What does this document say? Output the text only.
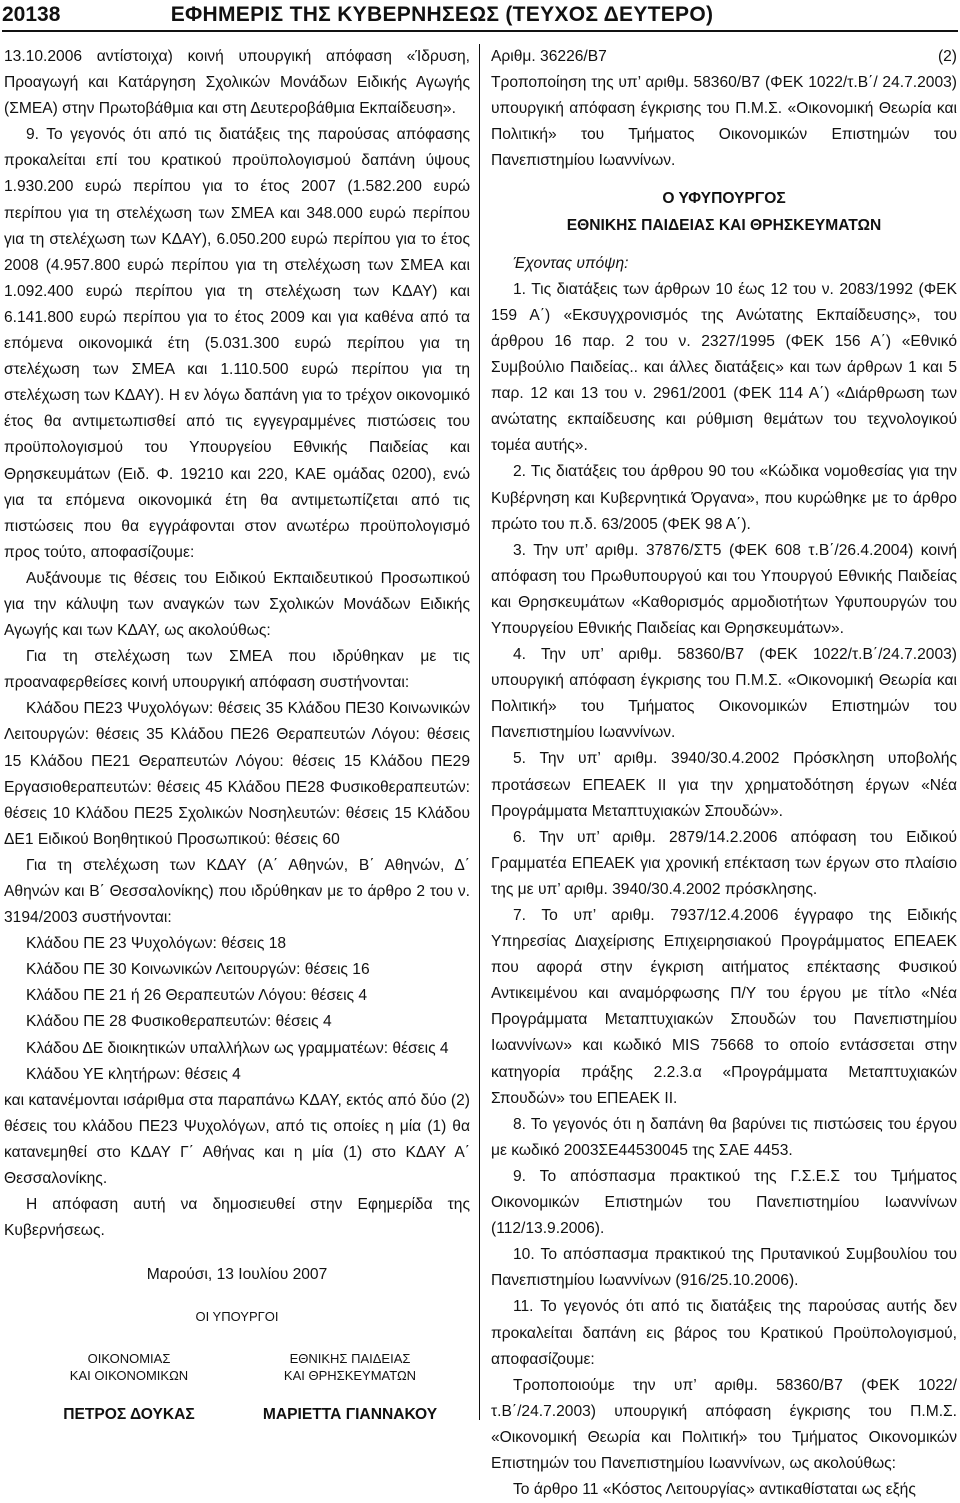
20138	ΕΦΗΜΕΡΙΣ ΤΗΣ ΚΥΒΕΡΝΗΣΕΩΣ (ΤΕΥΧΟΣ ΔΕΥΤΕΡΟ)

13.10.2006 αντίστοιχα) κοινή υπουργική απόφαση «Ίδρυση, Προαγωγή και Κατάργηση Σχολικών Μονάδων Ειδικής Αγωγής (ΣΜΕΑ) στην Πρωτοβάθμια και στη Δευτεροβάθμια Εκπαίδευση».

9. Το γεγονός ότι από τις διατάξεις της παρούσας απόφασης προκαλείται επί του κρατικού προϋπολογισμού δαπάνη ύψους 1.930.200 ευρώ περίπου για το έτος 2007 (1.582.200 ευρώ περίπου για τη στελέχωση των ΣΜΕΑ και 348.000 ευρώ περίπου για τη στελέχωση των ΚΔΑΥ), 6.050.200 ευρώ περίπου για το έτος 2008 (4.957.800 ευρώ περίπου για τη στελέχωση των ΣΜΕΑ και 1.092.400 ευρώ περίπου για τη στελέχωση των ΚΔΑΥ) και 6.141.800 ευρώ περίπου για το έτος 2009 και για καθένα από τα επόμενα οικονομικά έτη (5.031.300 ευρώ περίπου για τη στελέχωση των ΣΜΕΑ και 1.110.500 ευρώ περίπου για τη στελέχωση των ΚΔΑΥ). Η εν λόγω δαπάνη για το τρέχον οικονομικό έτος θα αντιμετωπισθεί από τις εγγεγραμμένες πιστώσεις του προϋπολογισμού του Υπουργείου Εθνικής Παιδείας και Θρησκευμάτων (Ειδ. Φ. 19210 και 220, ΚΑΕ ομάδας 0200), ενώ για τα επόμενα οικονομικά έτη θα αντιμετωπίζεται από τις πιστώσεις που θα εγγράφονται στον ανωτέρω προϋπολογισμό προς τούτο, αποφασίζουμε:

Αυξάνουμε τις θέσεις του Ειδικού Εκπαιδευτικού Προσωπικού για την κάλυψη των αναγκών των Σχολικών Μονάδων Ειδικής Αγωγής και των ΚΔΑΥ, ως ακολούθως:

Για τη στελέχωση των ΣΜΕΑ που ιδρύθηκαν με τις προαναφερθείσες κοινή υπουργική απόφαση συστήνονται:

Κλάδου ΠΕ23 Ψυχολόγων: θέσεις 35 Κλάδου ΠΕ30 Κοινωνικών Λειτουργών: θέσεις 35 Κλάδου ΠΕ26 Θεραπευτών Λόγου: θέσεις 15 Κλάδου ΠΕ21 Θεραπευτών Λόγου: θέσεις 15 Κλάδου ΠΕ29 Εργασιοθεραπευτών: θέσεις 45 Κλάδου ΠΕ28 Φυσικοθεραπευτών: θέσεις 10 Κλάδου ΠΕ25 Σχολικών Νοσηλευτών: θέσεις 15 Κλάδου ΔΕ1 Ειδικού Βοηθητικού Προσωπικού: θέσεις 60

Για τη στελέχωση των ΚΔΑΥ (Α΄ Αθηνών, Β΄ Αθηνών, Δ΄ Αθηνών και Β΄ Θεσσαλονίκης) που ιδρύθηκαν με το άρθρο 2 του ν. 3194/2003 συστήνονται:

Κλάδου ΠΕ 23 Ψυχολόγων: θέσεις 18

Κλάδου ΠΕ 30 Κοινωνικών Λειτουργών: θέσεις 16

Κλάδου ΠΕ 21 ή 26 Θεραπευτών Λόγου: θέσεις 4

Κλάδου ΠΕ 28 Φυσικοθεραπευτών: θέσεις 4

Κλάδου ΔΕ διοικητικών υπαλλήλων ως γραμματέων: θέσεις 4

Κλάδου ΥΕ κλητήρων: θέσεις 4

και κατανέμονται ισάριθμα στα παραπάνω ΚΔΑΥ, εκτός από δύο (2) θέσεις του κλάδου ΠΕ23 Ψυχολόγων, από τις οποίες η μία (1) θα κατανεμηθεί στο ΚΔΑΥ Γ΄ Αθήνας και η μία (1) στο ΚΔΑΥ Α΄ Θεσσαλονίκης.

Η απόφαση αυτή να δημοσιευθεί στην Εφημερίδα της Κυβερνήσεως.

Μαρούσι, 13 Ιουλίου 2007

ΟΙ ΥΠΟΥΡΓΟΙ
ΟΙΚΟΝΟΜΙΑΣ
ΚΑΙ ΟΙΚΟΝΟΜΙΚΩΝ
ΕΘΝΙΚΗΣ ΠΑΙΔΕΙΑΣ
ΚΑΙ ΘΡΗΣΚΕΥΜΑΤΩΝ
ΠΕΤΡΟΣ ΔΟΥΚΑΣ	ΜΑΡΙΕΤΤΑ ΓΙΑΝΝΑΚΟΥ
Αριθμ. 36226/Β7	(2)

Τροποποίηση της υπ’ αριθμ. 58360/Β7 (ΦΕΚ 1022/τ.Β΄/ 24.7.2003) υπουργική απόφαση έγκρισης του Π.Μ.Σ. «Οικονομική Θεωρία και Πολιτική» του Τμήματος Οικονομικών Επιστημών του Πανεπιστημίου Ιωαννίνων.

Ο ΥΦΥΠΟΥΡΓΟΣ

ΕΘΝΙΚΗΣ ΠΑΙΔΕΙΑΣ ΚΑΙ ΘΡΗΣΚΕΥΜΑΤΩΝ

Έχοντας υπόψη:

1. Τις διατάξεις των άρθρων 10 έως 12 του ν. 2083/1992 (ΦΕΚ 159 Α΄) «Εκσυγχρονισμός της Ανώτατης Εκπαίδευσης», του άρθρου 16 παρ. 2 του ν. 2327/1995 (ΦΕΚ 156 Α΄) «Εθνικό Συμβούλιο Παιδείας.. και άλλες διατάξεις» και των άρθρων 1 και 5 παρ. 12 και 13 του ν. 2961/2001 (ΦΕΚ 114 Α΄) «Διάρθρωση των ανώτατης εκπαίδευσης και ρύθμιση θεμάτων του τεχνολογικού τομέα αυτής».

2. Τις διατάξεις του άρθρου 90 του «Κώδικα νομοθεσίας για την Κυβέρνηση και Κυβερνητικά Όργανα», που κυρώθηκε με το άρθρο πρώτο του π.δ. 63/2005 (ΦΕΚ 98 Α΄).

3. Την υπ’ αριθμ. 37876/ΣΤ5 (ΦΕΚ 608 τ.Β΄/26.4.2004) κοινή απόφαση του Πρωθυπουργού και του Υπουργού Εθνικής Παιδείας και Θρησκευμάτων «Καθορισμός αρμοδιοτήτων Υφυπουργών του Υπουργείου Εθνικής Παιδείας και Θρησκευμάτων».

4. Την υπ’ αριθμ. 58360/Β7 (ΦΕΚ 1022/τ.Β΄/24.7.2003) υπουργική απόφαση έγκρισης του Π.Μ.Σ. «Οικονομική Θεωρία και Πολιτική» του Τμήματος Οικονομικών Επιστημών του Πανεπιστημίου Ιωαννίνων.

5. Την υπ’ αριθμ. 3940/30.4.2002 Πρόσκληση υποβολής προτάσεων ΕΠΕΑΕΚ ΙΙ για την χρηματοδότηση έργων «Νέα Προγράμματα Μεταπτυχιακών Σπουδών».

6. Την υπ’ αριθμ. 2879/14.2.2006 απόφαση του Ειδικού Γραμματέα ΕΠΕΑΕΚ για χρονική επέκταση των έργων στο πλαίσιο της με υπ’ αριθμ. 3940/30.4.2002 πρόσκλησης.

7. Το υπ’ αριθμ. 7937/12.4.2006 έγγραφο της Ειδικής Υπηρεσίας Διαχείρισης Επιχειρησιακού Προγράμματος ΕΠΕΑΕΚ που αφορά στην έγκριση αιτήματος επέκτασης Φυσικού Αντικειμένου και αναμόρφωσης Π/Υ του έργου με τίτλο «Νέα Προγράμματα Μεταπτυχιακών Σπουδών του Πανεπιστημίου Ιωαννίνων» και κωδικό MIS 75668 το οποίο εντάσσεται στην κατηγορία πράξης 2.2.3.α «Προγράμματα Μεταπτυχιακών Σπουδών» του ΕΠΕΑΕΚ ΙΙ.

8. Το γεγονός ότι η δαπάνη θα βαρύνει τις πιστώσεις του έργου με κωδικό 2003ΣΕ44530045 της ΣΑΕ 4453.

9. Το απόσπασμα πρακτικού της Γ.Σ.Ε.Σ του Τμήματος Οικονομικών Επιστημών του Πανεπιστημίου Ιωαννίνων (112/13.9.2006).

10. Το απόσπασμα πρακτικού της Πρυτανικού Συμβουλίου του Πανεπιστημίου Ιωαννίνων (916/25.10.2006).

11. Το γεγονός ότι από τις διατάξεις της παρούσας αυτής δεν προκαλείται δαπάνη εις βάρος του Κρατικού Προϋπολογισμού, αποφασίζουμε:

Τροποποιούμε την υπ’ αριθμ. 58360/Β7 (ΦΕΚ 1022/ τ.Β΄/24.7.2003) υπουργική απόφαση έγκρισης του Π.Μ.Σ. «Οικονομική Θεωρία και Πολιτική» του Τμήματος Οικονομικών Επιστημών του Πανεπιστημίου Ιωαννίνων, ως ακολούθως:

Το άρθρο 11 «Κόστος Λειτουργίας» αντικαθίσταται ως εξής
